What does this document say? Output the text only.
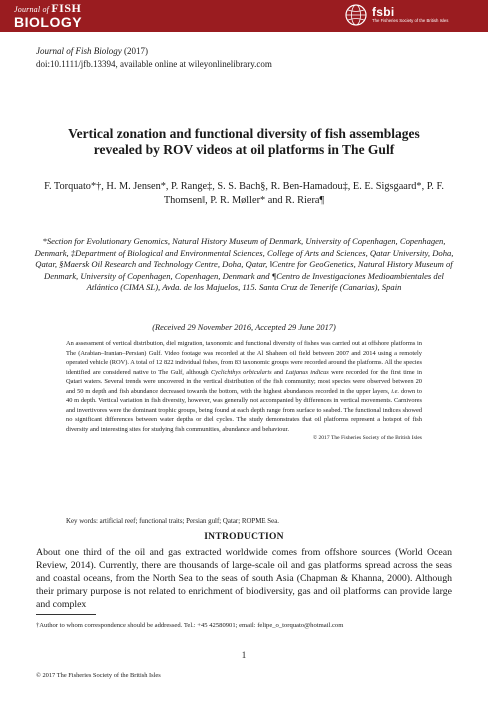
Journal of FISH
BIOLOGY
fsbi
The Fisheries Society of the British Isles
Journal of Fish Biology (2017)
doi:10.1111/jfb.13394, available online at wileyonlinelibrary.com
Vertical zonation and functional diversity of fish assemblages revealed by ROV videos at oil platforms in The Gulf
F. Torquato*†, H. M. Jensen*, P. Range‡, S. S. Bach§, R. Ben-Hamadou‡, E. E. Sigsgaard*, P. F. Thomsen‖, P. R. Møller* and R. Riera¶
*Section for Evolutionary Genomics, Natural History Museum of Denmark, University of Copenhagen, Copenhagen, Denmark, ‡Department of Biological and Environmental Sciences, College of Arts and Sciences, Qatar University, Doha, Qatar, §Maersk Oil Research and Technology Centre, Doha, Qatar, ‖Centre for GeoGenetics, Natural History Museum of Denmark, University of Copenhagen, Copenhagen, Denmark and ¶Centro de Investigaciones Medioambientales del Atlántico (CIMA SL), Avda. de los Majuelos, 115. Santa Cruz de Tenerife (Canarias), Spain
(Received 29 November 2016, Accepted 29 June 2017)
An assessment of vertical distribution, diel migration, taxonomic and functional diversity of fishes was carried out at offshore platforms in The (Arabian–Iranian–Persian) Gulf. Video footage was recorded at the Al Shaheen oil field between 2007 and 2014 using a remotely operated vehicle (ROV). A total of 12 822 individual fishes, from 83 taxonomic groups were recorded around the platforms. All the species identified are considered native to The Gulf, although Cyclichthys orbicularis and Lutjanus indicus were recorded for the first time in Qatari waters. Several trends were uncovered in the vertical distribution of the fish community; most species were observed between 20 and 50 m depth and fish abundance decreased towards the bottom, with the highest abundances recorded in the upper layers, i.e. down to 40 m depth. Vertical variation in fish diversity, however, was generally not accompanied by differences in vertical movements. Carnivores and invertivores were the dominant trophic groups, being found at each depth range from surface to seabed. The functional indices showed no significant differences between water depths or diel cycles. The study demonstrates that oil platforms represent a hotspot of fish diversity and interesting sites for studying fish communities, abundance and behaviour.
© 2017 The Fisheries Society of the British Isles
Key words: artificial reef; functional traits; Persian gulf; Qatar; ROPME Sea.
INTRODUCTION

About one third of the oil and gas extracted worldwide comes from offshore sources (World Ocean Review, 2014). Currently, there are thousands of large-scale oil and gas platforms spread across the seas and coastal oceans, from the North Sea to the seas of south Asia (Chapman & Khanna, 2000). Although their primary purpose is not related to enrichment of biodiversity, gas and oil platforms can provide large and complex

†Author to whom correspondence should be addressed. Tel.: +45 42580901; email: felipe_o_torquato@hotmail.com
1
© 2017 The Fisheries Society of the British Isles
